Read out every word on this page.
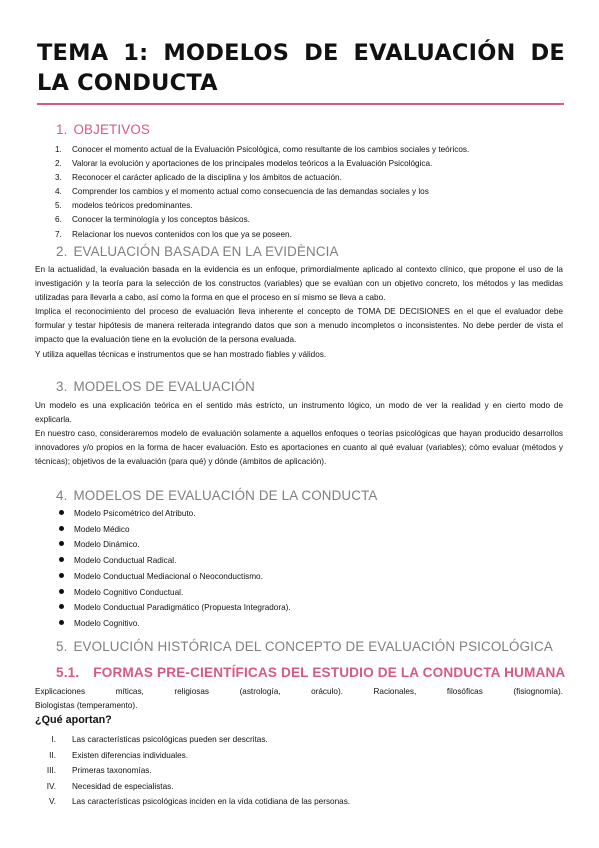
TEMA 1: MODELOS DE EVALUACIÓN DE LA CONDUCTA
1. OBJETIVOS
1. Conocer el momento actual de la Evaluación Psicológica, como resultante de los cambios sociales y teóricos.
2. Valorar la evolución y aportaciones de los principales modelos teóricos a la Evaluación Psicológica.
3. Reconocer el carácter aplicado de la disciplina y los ámbitos de actuación.
4. Comprender los cambios y el momento actual como consecuencia de las demandas sociales y los
5. modelos teóricos predominantes.
6. Conocer la terminología y los conceptos básicos.
7. Relacionar los nuevos contenidos con los que ya se poseen.
2. EVALUACIÓN BASADA EN LA EVIDÈNCIA

En la actualidad, la evaluación basada en la evidencia es un enfoque, primordialmente aplicado al contexto clínico, que propone el uso de la investigación y la teoría para la selección de los constructos (variables) que se evalúan con un objetivo concreto, los métodos y las medidas utilizadas para llevarla a cabo, así como la forma en que el proceso en sí mismo se lleva a cabo.

Implica el reconocimiento del proceso de evaluación lleva inherente el concepto de TOMA DE DECISIONES en el que el evaluador debe formular y testar hipótesis de manera reiterada integrando datos que son a menudo incompletos o inconsistentes. No debe perder de vista el impacto que la evaluación tiene en la evolución de la persona evaluada.

Y utiliza aquellas técnicas e instrumentos que se han mostrado fiables y válidos.

3. MODELOS DE EVALUACIÓN

Un modelo es una explicación teórica en el sentido más estricto, un instrumento lógico, un modo de ver la realidad y en cierto modo de explicarla.

En nuestro caso, consideraremos modelo de evaluación solamente a aquellos enfoques o teorías psicológicas que hayan producido desarrollos innovadores y/o propios en la forma de hacer evaluación. Esto es aportaciones en cuanto al qué evaluar (variables); cómo evaluar (métodos y técnicas); objetivos de la evaluación (para qué) y dónde (ámbitos de aplicación).

4. MODELOS DE EVALUACIÓN DE LA CONDUCTA
Modelo Psicométrico del Atributo.
Modelo Médico
Modelo Dinámico.
Modelo Conductual Radical.
Modelo Conductual Mediacional o Neoconductismo.
Modelo Cognitivo Conductual.
Modelo Conductual Paradigmático (Propuesta Integradora).
Modelo Cognitivo.
5. EVOLUCIÓN HISTÓRICA DEL CONCEPTO DE EVALUACIÓN PSICOLÓGICA
5.1. FORMAS PRE-CIENTÍFICAS DEL ESTUDIO DE LA CONDUCTA HUMANA
Explicaciones	míticas,	religiosas	(astrología,	oráculo).	Racionales,	filosóficas	(fisiognomía).
Biologistas (temperamento).
¿Qué aportan?
I. Las características psicológicas pueden ser descritas.
II. Existen diferencias individuales.
III. Primeras taxonomías.
IV. Necesidad de especialistas.
V. Las características psicológicas inciden en la vida cotidiana de las personas.
